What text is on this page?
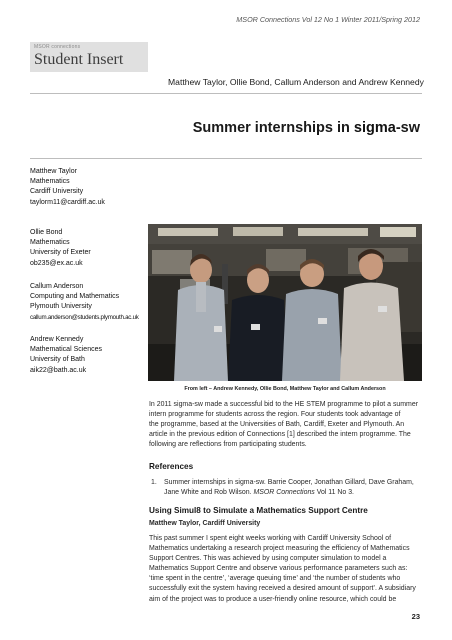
MSOR Connections Vol 12 No 1 Winter 2011/Spring 2012
MSOR connections
Student Insert
Matthew Taylor, Ollie Bond, Callum Anderson and Andrew Kennedy
Summer internships in sigma-sw
Matthew Taylor
Mathematics
Cardiff University
taylorm11@cardiff.ac.uk
Ollie Bond
Mathematics
University of Exeter
ob235@ex.ac.uk
Callum Anderson
Computing and Mathematics
Plymouth University
callum.anderson@students.plymouth.ac.uk
Andrew Kennedy
Mathematical Sciences
University of Bath
aik22@bath.ac.uk
From left – Andrew Kennedy, Ollie Bond, Matthew Taylor and Callum Anderson
In 2011 sigma-sw made a successful bid to the HE STEM programme to pilot a summer
intern programme for students across the region. Four students took advantage of
the programme, based at the Universities of Bath, Cardiff, Exeter and Plymouth. An
article in the previous edition of Connections [1] described the intern programme. The
following are reflections from participating students.
References
1. Summer internships in sigma-sw. Barrie Cooper, Jonathan Gillard, Dave Graham,
Jane White and Rob Wilson. MSOR Connections Vol 11 No 3.
Using Simul8 to Simulate a Mathematics Support Centre
Matthew Taylor, Cardiff University
This past summer I spent eight weeks working with Cardiff University School of
Mathematics undertaking a research project measuring the efficiency of Mathematics
Support Centres. This was achieved by using computer simulation to model a
Mathematics Support Centre and observe various performance parameters such as:
‘time spent in the centre’, ‘average queuing time’ and ‘the number of students who
successfully exit the system having received a desired amount of support’. A subsidiary
aim of the project was to produce a user-friendly online resource, which could be
23
